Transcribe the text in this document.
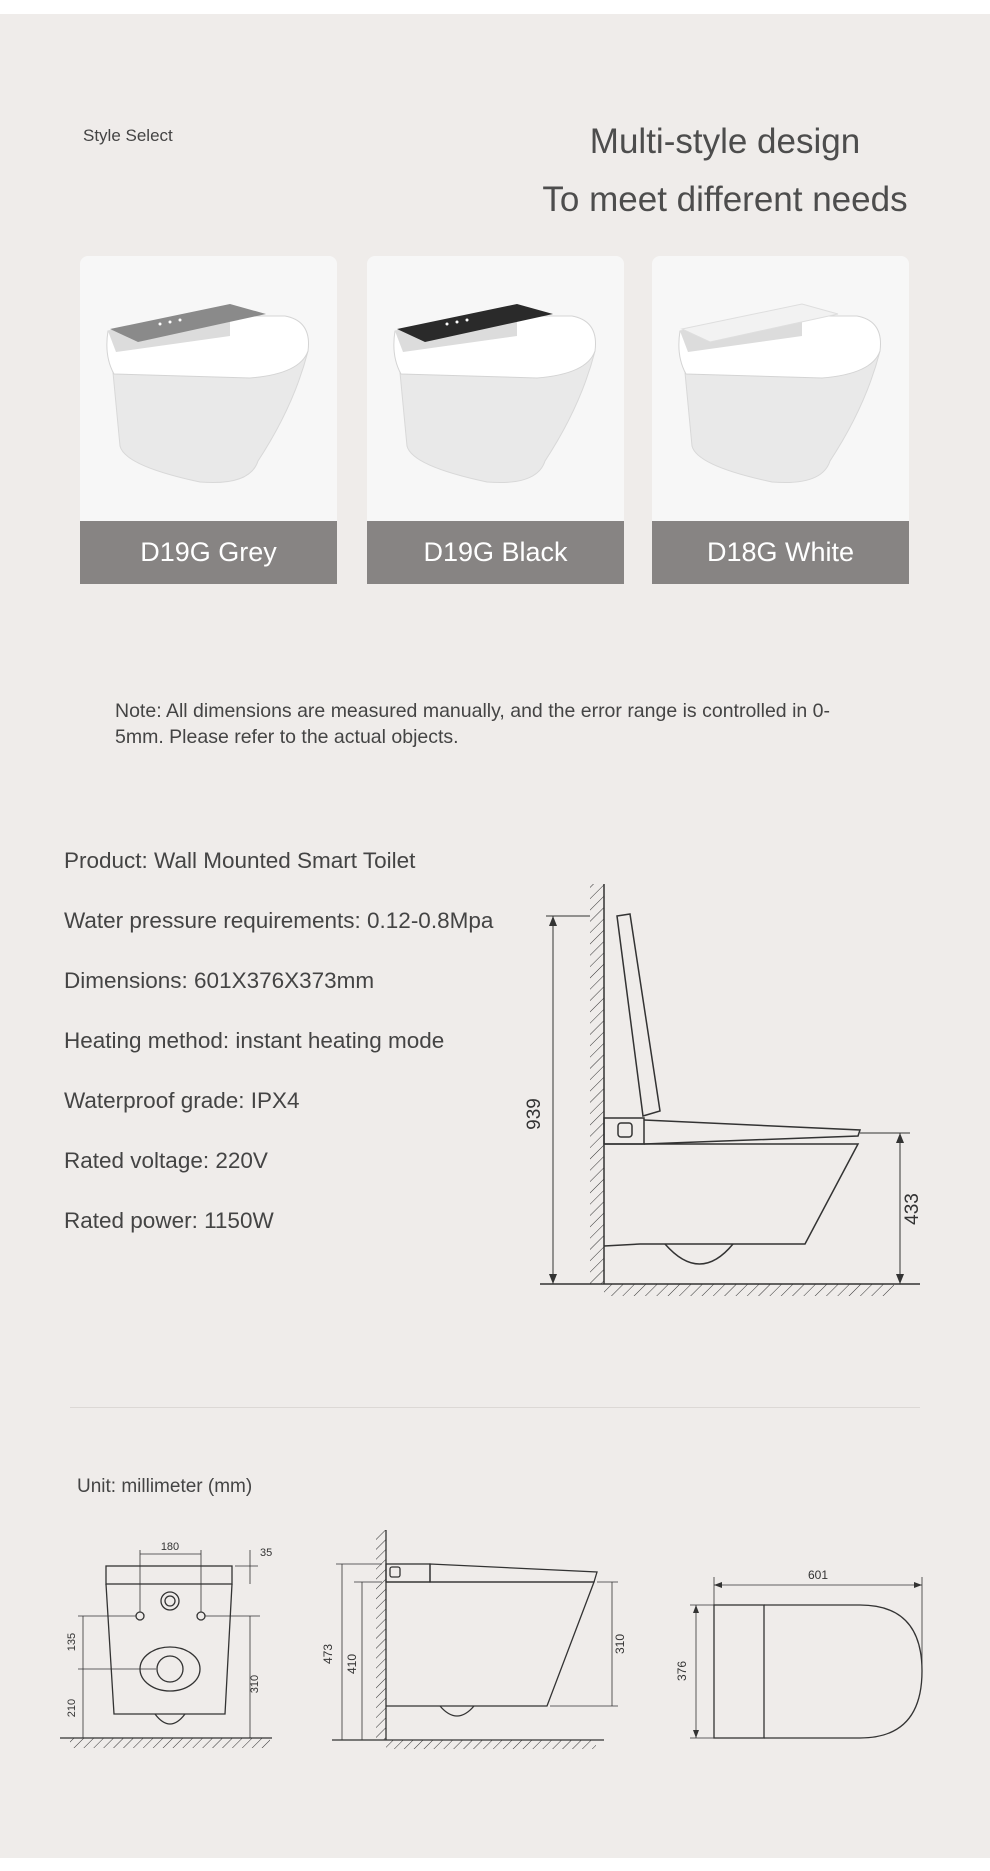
Style Select	Multi-style design
To meet different needs
D19G Grey	D19G Black	D18G White
Note: All dimensions are measured manually, and the error range is controlled in 0-5mm. Please refer to the actual objects.
Product: Wall Mounted Smart Toilet
Water pressure requirements: 0.12-0.8Mpa
Dimensions: 601X376X373mm
Heating method: instant heating mode
Waterproof grade: IPX4
Rated voltage: 220V
Rated power: 1150W
939
433
Unit: millimeter (mm)
180	35
310
135
210
473 410
310
601
376
